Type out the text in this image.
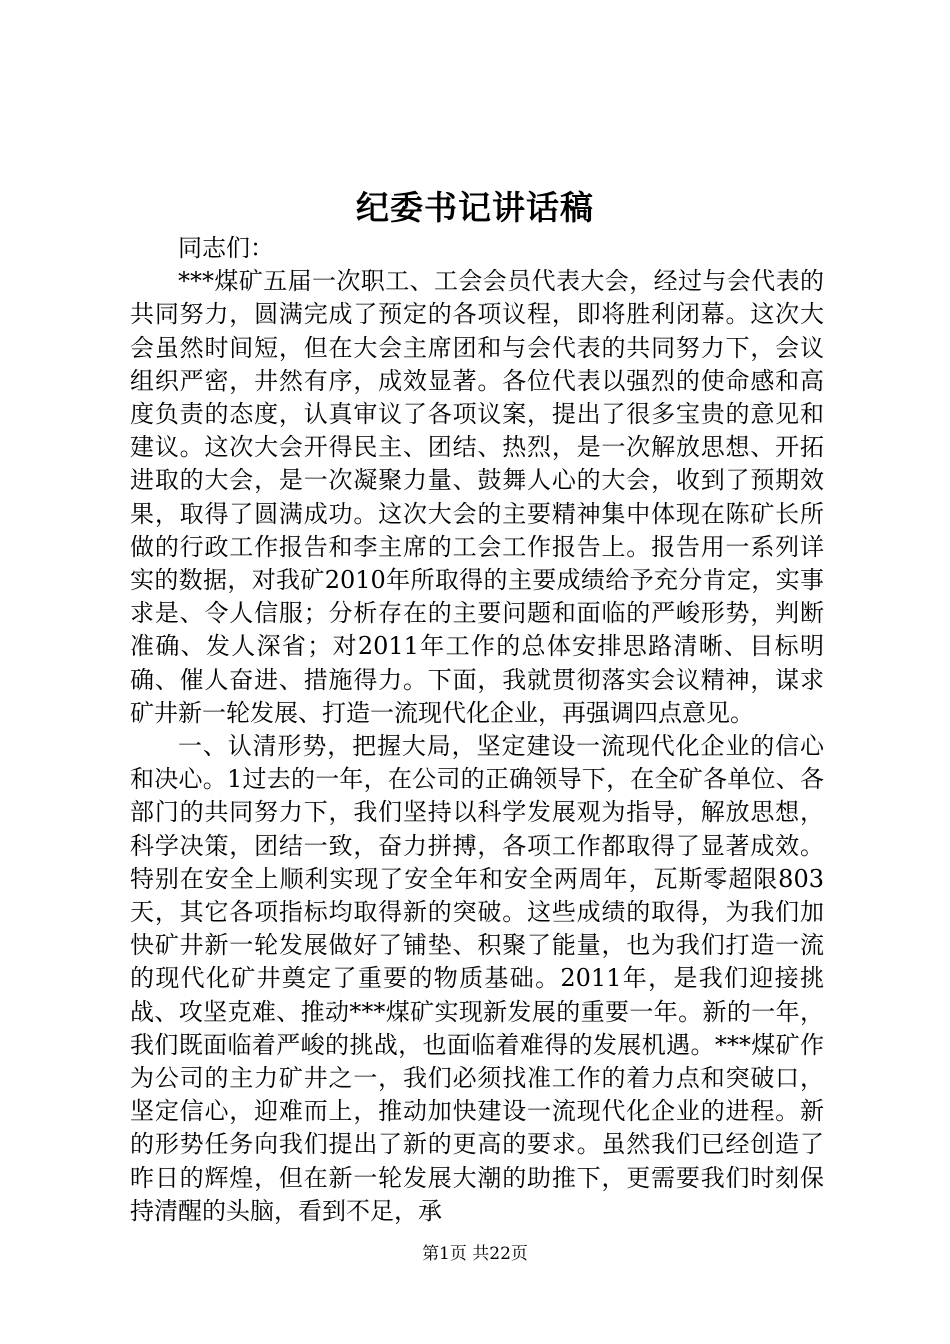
纪委书记讲话稿

同志们：

***煤矿五届一次职工、工会会员代表大会，经过与会代表的共同努力，圆满完成了预定的各项议程，即将胜利闭幕。这次大会虽然时间短，但在大会主席团和与会代表的共同努力下，会议组织严密，井然有序，成效显著。各位代表以强烈的使命感和高度负责的态度，认真审议了各项议案，提出了很多宝贵的意见和建议。这次大会开得民主、团结、热烈，是一次解放思想、开拓进取的大会，是一次凝聚力量、鼓舞人心的大会，收到了预期效果，取得了圆满成功。这次大会的主要精神集中体现在陈矿长所做的行政工作报告和李主席的工会工作报告上。报告用一系列详实的数据，对我矿2010年所取得的主要成绩给予充分肯定，实事求是、令人信服；分析存在的主要问题和面临的严峻形势，判断准确、发人深省；对2011年工作的总体安排思路清晰、目标明确、催人奋进、措施得力。下面，我就贯彻落实会议精神，谋求矿井新一轮发展、打造一流现代化企业，再强调四点意见。

一、认清形势，把握大局，坚定建设一流现代化企业的信心和决心。1过去的一年，在公司的正确领导下，在全矿各单位、各部门的共同努力下，我们坚持以科学发展观为指导，解放思想，科学决策，团结一致，奋力拼搏，各项工作都取得了显著成效。特别在安全上顺利实现了安全年和安全两周年，瓦斯零超限803天，其它各项指标均取得新的突破。这些成绩的取得，为我们加快矿井新一轮发展做好了铺垫、积聚了能量，也为我们打造一流的现代化矿井奠定了重要的物质基础。2011年，是我们迎接挑战、攻坚克难、推动***煤矿实现新发展的重要一年。新的一年，我们既面临着严峻的挑战，也面临着难得的发展机遇。***煤矿作为公司的主力矿井之一，我们必须找准工作的着力点和突破口，坚定信心，迎难而上，推动加快建设一流现代化企业的进程。新的形势任务向我们提出了新的更高的要求。虽然我们已经创造了昨日的辉煌，但在新一轮发展大潮的助推下，更需要我们时刻保持清醒的头脑，看到不足，承

第1页 共22页
